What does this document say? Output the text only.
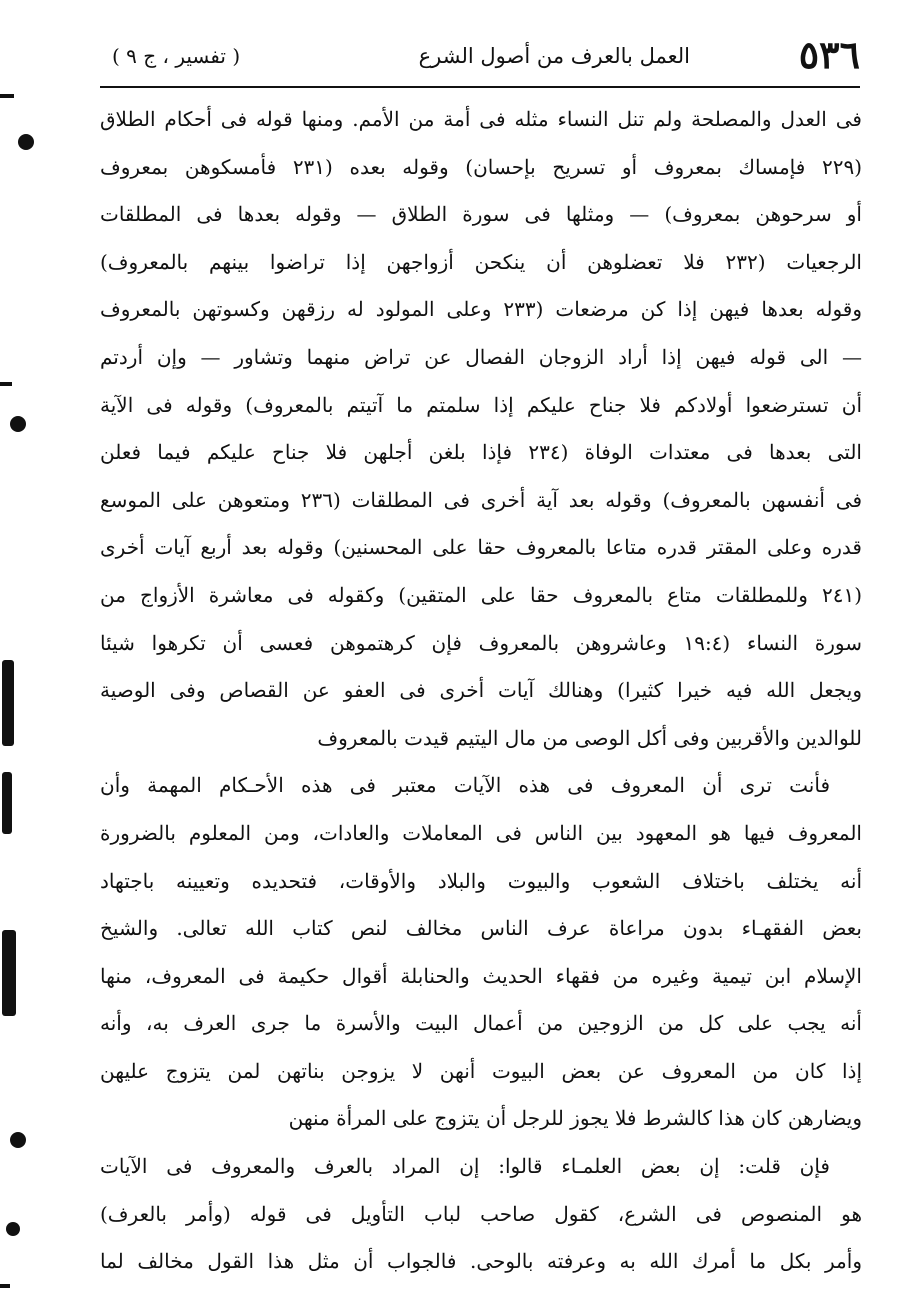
٥٣٦
العمل بالعرف من أصول الشرع
( تفسير ، ج ٩ )
فى العدل والمصلحة ولم تنل النساء مثله فى أمة من الأمم. ومنها قوله فى أحكام الطلاق
(٢٢٩ فإمساك بمعروف أو تسريح بإحسان) وقوله بعده (٢٣١ فأمسكوهن بمعروف
أو سرحوهن بمعروف) — ومثلها فى سورة الطلاق — وقوله بعدها فى المطلقات
الرجعيات (٢٣٢ فلا تعضلوهن أن ينكحن أزواجهن إذا تراضوا بينهم بالمعروف)
وقوله بعدها فيهن إذا كن مرضعات (٢٣٣ وعلى المولود له رزقهن وكسوتهن بالمعروف
— الى قوله فيهن إذا أراد الزوجان الفصال عن تراض منهما وتشاور — وإن أردتم
أن تسترضعوا أولادكم فلا جناح عليكم إذا سلمتم ما آتيتم بالمعروف) وقوله فى الآية
التى بعدها فى معتدات الوفاة (٢٣٤ فإذا بلغن أجلهن فلا جناح عليكم فيما فعلن
فى أنفسهن بالمعروف) وقوله بعد آية أخرى فى المطلقات (٢٣٦ ومتعوهن على الموسع
قدره وعلى المقتر قدره متاعا بالمعروف حقا على المحسنين) وقوله بعد أربع آيات أخرى
(٢٤١ وللمطلقات متاع بالمعروف حقا على المتقين) وكقوله فى معاشرة الأزواج من
سورة النساء (١٩:٤ وعاشروهن بالمعروف فإن كرهتموهن فعسى أن تكرهوا شيئا
ويجعل الله فيه خيرا كثيرا) وهنالك آيات أخرى فى العفو عن القصاص وفى الوصية
للوالدين والأقربين وفى أكل الوصى من مال اليتيم قيدت بالمعروف
فأنت ترى أن المعروف فى هذه الآيات معتبر فى هذه الأحـكام المهمة وأن
المعروف فيها هو المعهود بين الناس فى المعاملات والعادات، ومن المعلوم بالضرورة
أنه يختلف باختلاف الشعوب والبيوت والبلاد والأوقات، فتحديده وتعيينه باجتهاد
بعض الفقهـاء بدون مراعاة عرف الناس مخالف لنص كتاب الله تعالى. والشيخ
الإسلام ابن تيمية وغيره من فقهاء الحديث والحنابلة أقوال حكيمة فى المعروف، منها
أنه يجب على كل من الزوجين من أعمال البيت والأسرة ما جرى العرف به، وأنه
إذا كان من المعروف عن بعض البيوت أنهن لا يزوجن بناتهن لمن يتزوج عليهن
ويضارهن كان هذا كالشرط فلا يجوز للرجل أن يتزوج على المرأة منهن
فإن قلت: إن بعض العلمـاء قالوا: إن المراد بالعرف والمعروف فى الآيات
هو المنصوص فى الشرع، كقول صاحب لباب التأويل فى قوله (وأمر بالعرف)
وأمر بكل ما أمرك الله به وعرفته بالوحى. فالجواب أن مثل هذا القول مخالف لما
